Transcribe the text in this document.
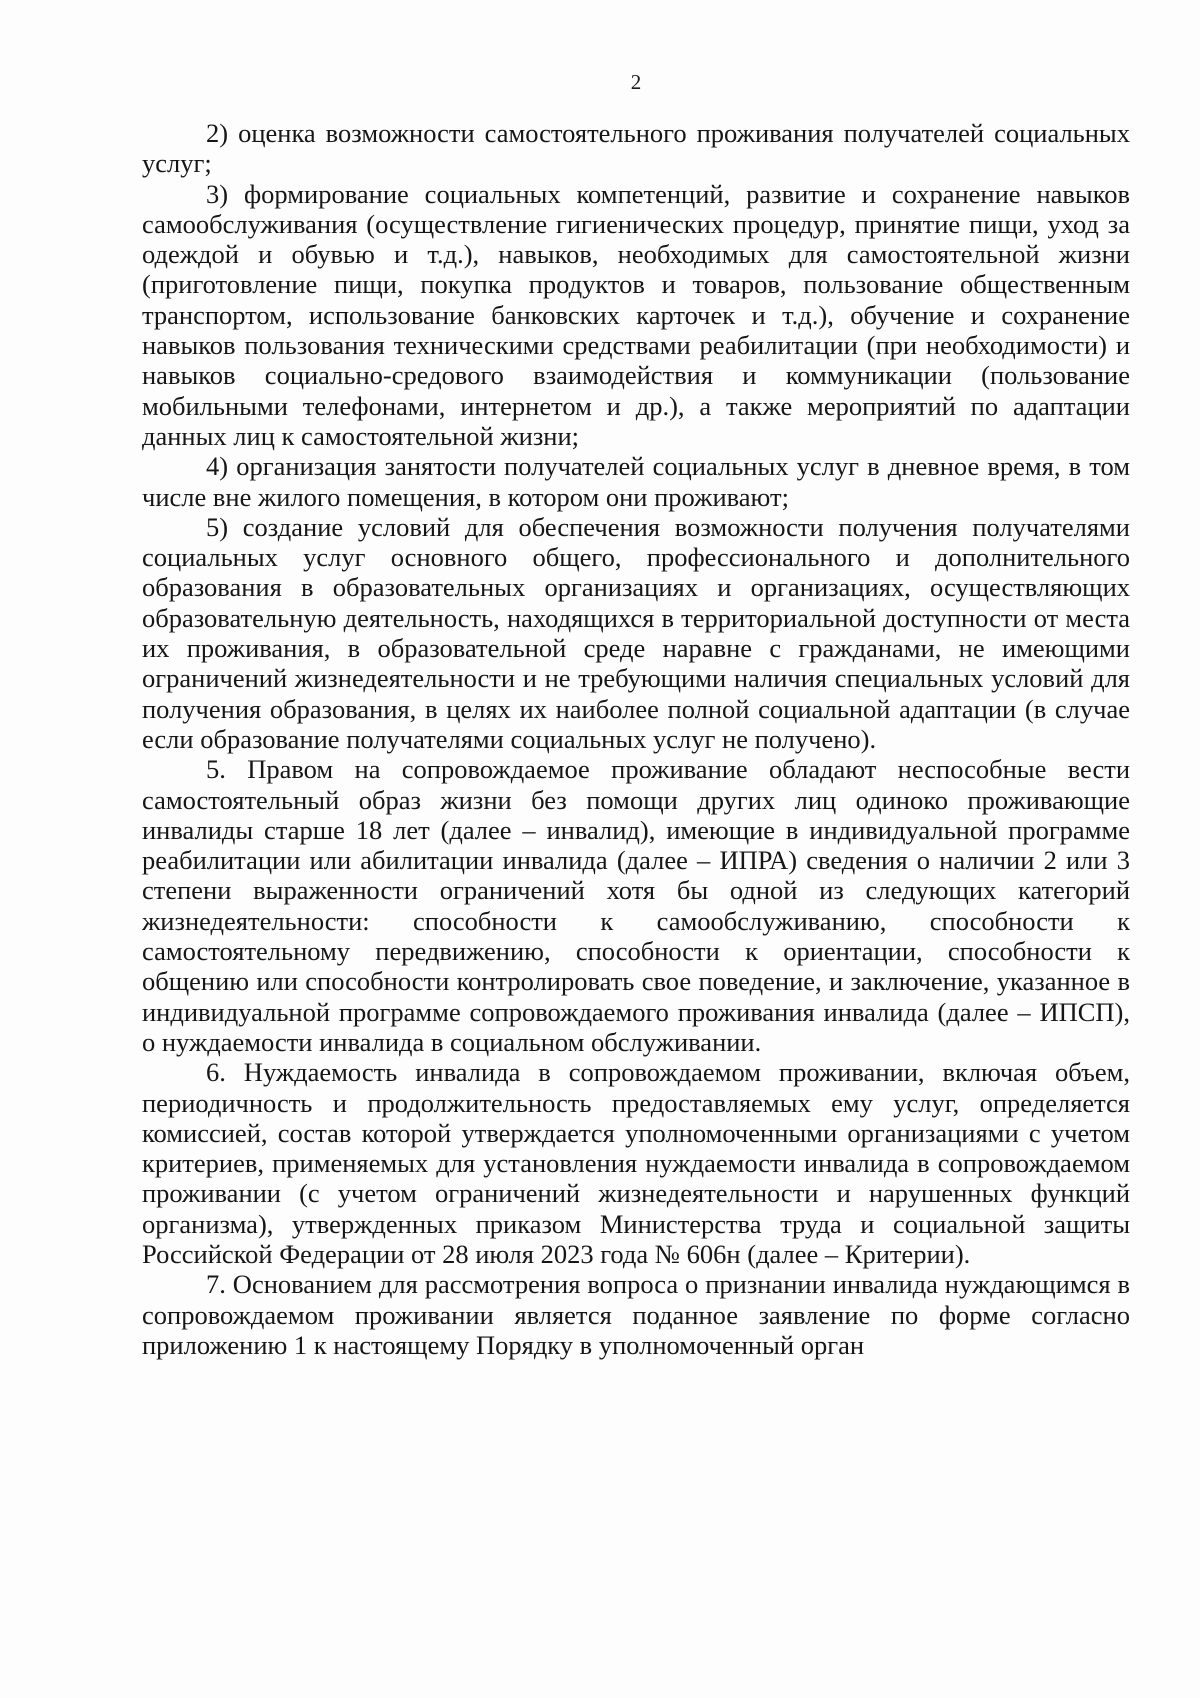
2

2) оценка возможности самостоятельного проживания получателей социальных услуг;

3) формирование социальных компетенций, развитие и сохранение навыков самообслуживания (осуществление гигиенических процедур, принятие пищи, уход за одеждой и обувью и т.д.), навыков, необходимых для самостоятельной жизни (приготовление пищи, покупка продуктов и товаров, пользование общественным транспортом, использование банковских карточек и т.д.), обучение и сохранение навыков пользования техническими средствами реабилитации (при необходимости) и навыков социально-средового взаимодействия и коммуникации (пользование мобильными телефонами, интернетом и др.), а также мероприятий по адаптации данных лиц к самостоятельной жизни;

4) организация занятости получателей социальных услуг в дневное время, в том числе вне жилого помещения, в котором они проживают;

5) создание условий для обеспечения возможности получения получателями социальных услуг основного общего, профессионального и дополнительного образования в образовательных организациях и организациях, осуществляющих образовательную деятельность, находящихся в территориальной доступности от места их проживания, в образовательной среде наравне с гражданами, не имеющими ограничений жизнедеятельности и не требующими наличия специальных условий для получения образования, в целях их наиболее полной социальной адаптации (в случае если образование получателями социальных услуг не получено).

5. Правом на сопровождаемое проживание обладают неспособные вести самостоятельный образ жизни без помощи других лиц одиноко проживающие инвалиды старше 18 лет (далее – инвалид), имеющие в индивидуальной программе реабилитации или абилитации инвалида (далее – ИПРА) сведения о наличии 2 или 3 степени выраженности ограничений хотя бы одной из следующих категорий жизнедеятельности: способности к самообслуживанию, способности к самостоятельному передвижению, способности к ориентации, способности к общению или способности контролировать свое поведение, и заключение, указанное в индивидуальной программе сопровождаемого проживания инвалида (далее – ИПСП), о нуждаемости инвалида в социальном обслуживании.

6. Нуждаемость инвалида в сопровождаемом проживании, включая объем, периодичность и продолжительность предоставляемых ему услуг, определяется комиссией, состав которой утверждается уполномоченными организациями с учетом критериев, применяемых для установления нуждаемости инвалида в сопровождаемом проживании (с учетом ограничений жизнедеятельности и нарушенных функций организма), утвержденных приказом Министерства труда и социальной защиты Российской Федерации от 28 июля 2023 года № 606н (далее – Критерии).

7. Основанием для рассмотрения вопроса о признании инвалида нуждающимся в сопровождаемом проживании является поданное заявление по форме согласно приложению 1 к настоящему Порядку в уполномоченный орган
